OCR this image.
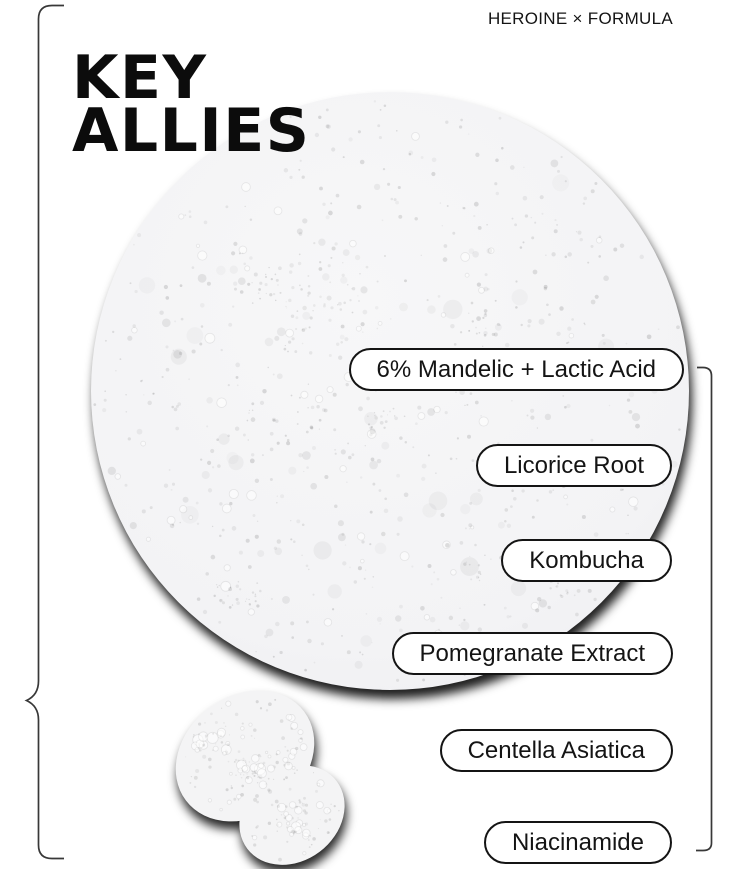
HEROINE × FORMULA
KEY
ALLIES
6% Mandelic + Lactic Acid
Licorice Root
Kombucha
Pomegranate Extract
Centella Asiatica
Niacinamide
